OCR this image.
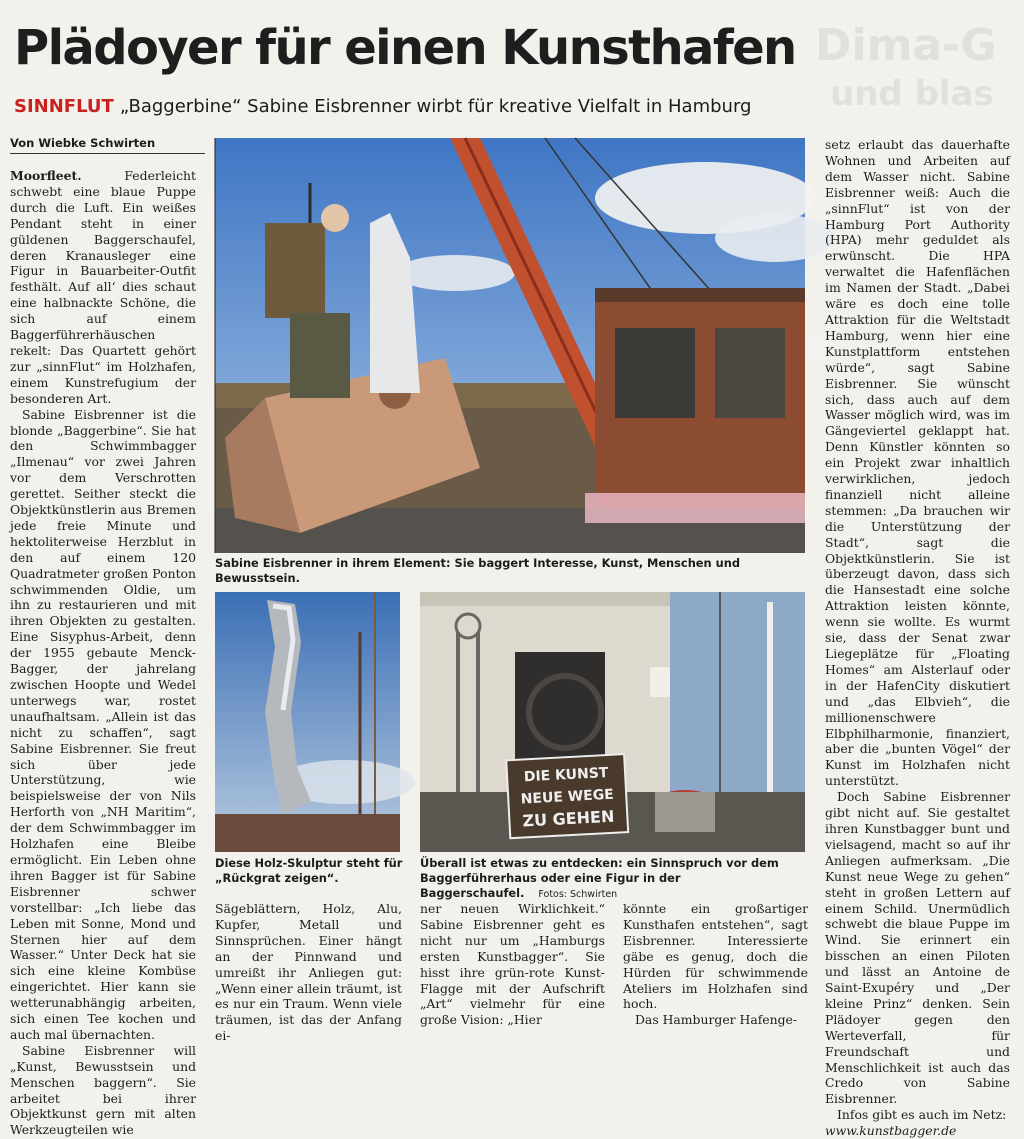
Dima-G
und blas
Plädoyer für einen Kunsthafen
SINNFLUT „Baggerbine“ Sabine Eisbrenner wirbt für kreative Vielfalt in Hamburg
Von Wiebke Schwirten

Moorfleet.	Federleicht schwebt eine blaue Puppe durch die Luft. Ein weißes Pendant steht in einer güldenen Baggerschaufel, deren Kranausleger eine Figur in Bauarbeiter-Outfit festhält. Auf all‘ dies schaut eine halbnackte Schöne, die sich auf einem Baggerführerhäuschen rekelt: Das Quartett gehört zur „sinnFlut“ im Holzhafen, einem Kunstrefugium der besonderen Art.

Sabine Eisbrenner ist die blonde „Baggerbine“. Sie hat den Schwimmbagger „Ilmenau“ vor zwei Jahren vor dem Verschrotten gerettet. Seither steckt die Objektkünstlerin aus Bremen jede freie Minute und hektoliterweise Herzblut in den auf einem 120 Quadratmeter großen Ponton schwimmenden Oldie, um ihn zu restaurieren und mit ihren Objekten zu gestalten. Eine Sisyphus-Arbeit, denn der 1955 gebaute Menck-Bagger, der jahrelang zwischen Hoopte und Wedel unterwegs war, rostet unaufhaltsam. „Allein ist das nicht zu schaffen“, sagt Sabine Eisbrenner. Sie freut sich über jede Unterstützung, wie beispielsweise der von Nils Herforth von „NH Maritim“, der dem Schwimmbagger im Holzhafen eine Bleibe ermöglicht. Ein Leben ohne ihren Bagger ist für Sabine Eisbrenner schwer vorstellbar: „Ich liebe das Leben mit Sonne, Mond und Sternen hier auf dem Wasser.“ Unter Deck hat sie sich eine kleine Kombüse eingerichtet. Hier kann sie wetterunabhängig arbeiten, sich einen Tee kochen und auch mal übernachten.

Sabine Eisbrenner will „Kunst, Bewusstsein und Menschen baggern“. Sie arbeitet bei ihrer Objektkunst gern mit alten Werkzeugteilen wie

Sabine Eisbrenner in ihrem Element: Sie baggert Interesse, Kunst, Menschen und Bewusstsein.
Diese Holz-Skulptur steht für „Rückgrat zeigen“.
DIE KUNST
NEUE WEGE
ZU GEHEN
Überall ist etwas zu entdecken: ein Sinnspruch vor dem Baggerführerhaus oder eine Figur in der Baggerschaufel. Fotos: Schwirten

Sägeblättern, Holz, Alu, Kupfer, Metall und Sinnsprüchen. Einer hängt an der Pinnwand und umreißt ihr Anliegen gut: „Wenn einer allein träumt, ist es nur ein Traum. Wenn viele träumen, ist das der Anfang ei-

ner neuen Wirklichkeit.“ Sabine Eisbrenner geht es nicht nur um „Hamburgs ersten Kunstbagger“. Sie hisst ihre grün-rote Kunst-Flagge mit der Aufschrift „Art“ vielmehr für eine große Vision: „Hier

könnte ein großartiger Kunsthafen entstehen“, sagt Eisbrenner. Interessierte gäbe es genug, doch die Hürden für schwimmende Ateliers im Holzhafen sind hoch.

Das Hamburger Hafenge-

setz erlaubt das dauerhafte Wohnen und Arbeiten auf dem Wasser nicht. Sabine Eisbrenner weiß: Auch die „sinnFlut“ ist von der Hamburg Port Authority (HPA) mehr geduldet als erwünscht. Die HPA verwaltet die Hafenflächen im Namen der Stadt. „Dabei wäre es doch eine tolle Attraktion für die Weltstadt Hamburg, wenn hier eine Kunstplattform entstehen würde“, sagt Sabine Eisbrenner. Sie wünscht sich, dass auch auf dem Wasser möglich wird, was im Gängeviertel geklappt hat. Denn Künstler könnten so ein Projekt zwar inhaltlich verwirklichen, jedoch finanziell nicht alleine stemmen: „Da brauchen wir die Unterstützung der Stadt“, sagt die Objektkünstlerin. Sie ist überzeugt davon, dass sich die Hansestadt eine solche Attraktion leisten könnte, wenn sie wollte. Es wurmt sie, dass der Senat zwar Liegeplätze für „Floating Homes“ am Alsterlauf oder in der HafenCity diskutiert und „das Elbvieh“, die millionenschwere Elbphilharmonie, finanziert, aber die „bunten Vögel“ der Kunst im Holzhafen nicht unterstützt.

Doch Sabine Eisbrenner gibt nicht auf. Sie gestaltet ihren Kunstbagger bunt und vielsagend, macht so auf ihr Anliegen aufmerksam. „Die Kunst neue Wege zu gehen“ steht in großen Lettern auf einem Schild. Unermüdlich schwebt die blaue Puppe im Wind. Sie erinnert ein bisschen an einen Piloten und lässt an Antoine de Saint-Exupéry und „Der kleine Prinz“ denken. Sein Plädoyer gegen den Werteverfall, für Freundschaft und Menschlichkeit ist auch das Credo von Sabine Eisbrenner.

Infos gibt es auch im Netz:

www.kunstbagger.de
